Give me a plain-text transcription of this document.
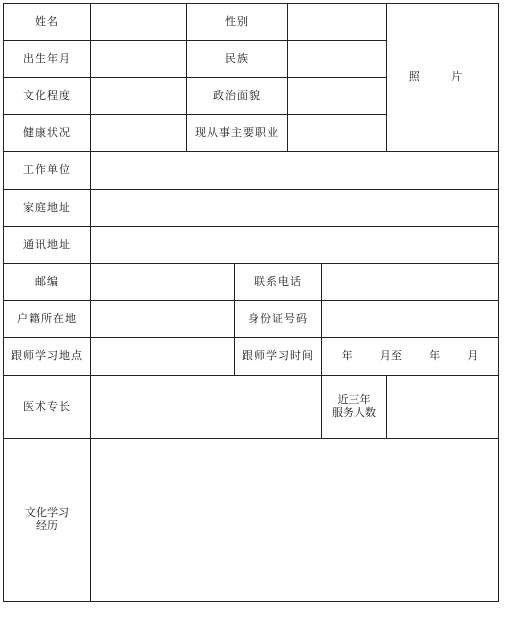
姓名		性别				照 片
出生年月		民族				
文化程度		政治面貌				
健康状况		现从事主要职业				
工作单位						
家庭地址						
通讯地址						
邮编			联系电话			
户籍所在地			身份证号码			
跟师学习地点			跟师学习时间		年 月至 年 月	

医术专长					近三年
服务人数	

文化学习
经历						
